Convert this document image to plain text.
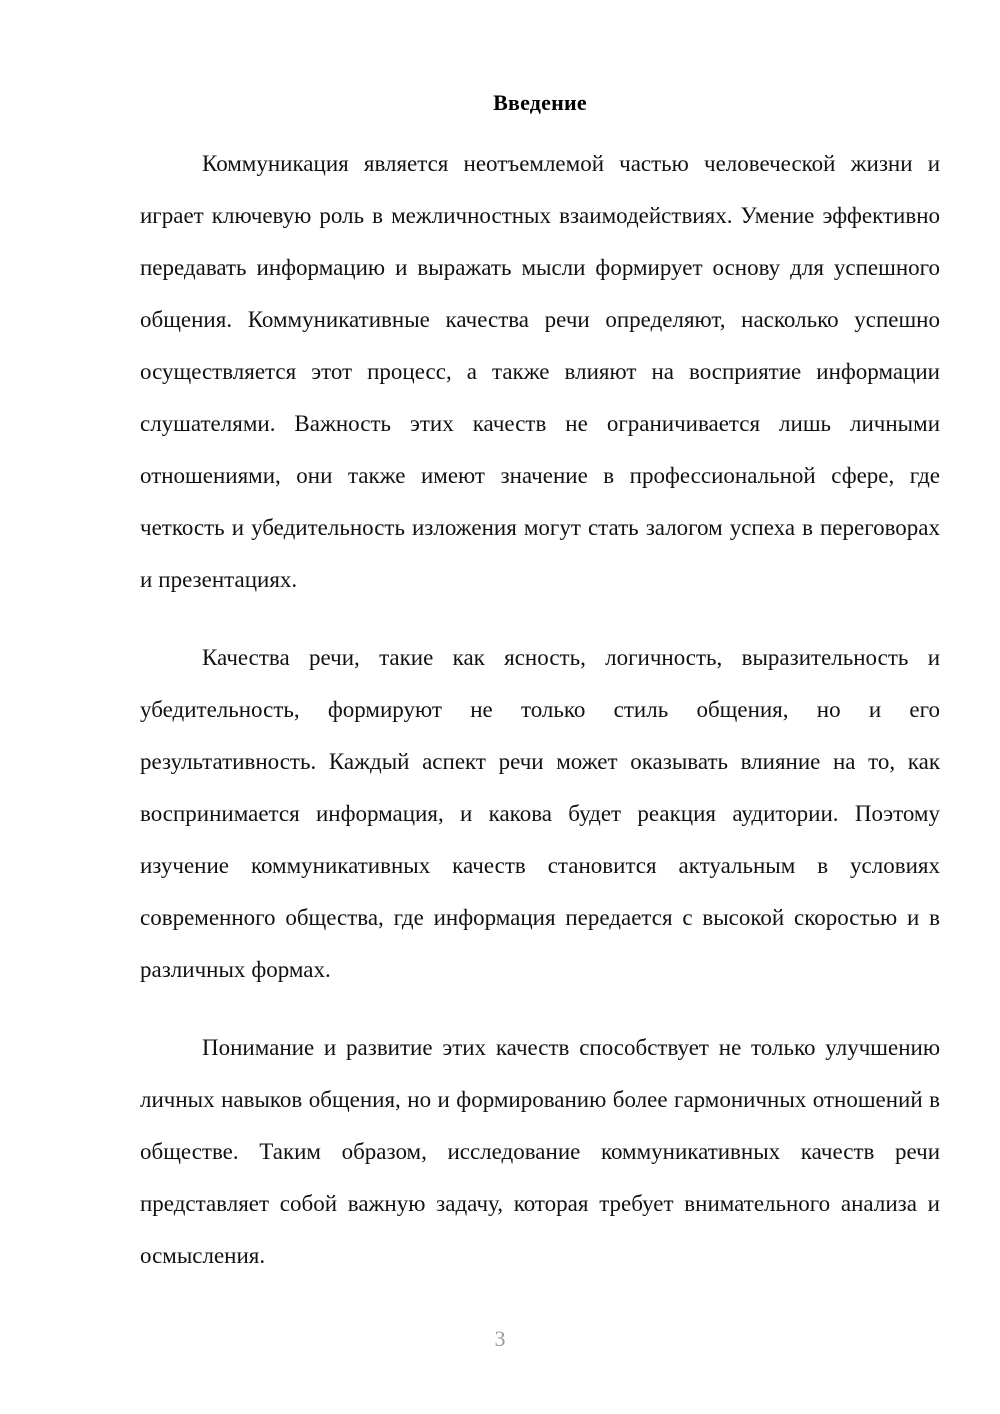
Введение

Коммуникация является неотъемлемой частью человеческой жизни и играет ключевую роль в межличностных взаимодействиях. Умение эффективно передавать информацию и выражать мысли формирует основу для успешного общения. Коммуникативные качества речи определяют, насколько успешно осуществляется этот процесс, а также влияют на восприятие информации слушателями. Важность этих качеств не ограничивается лишь личными отношениями, они также имеют значение в профессиональной сфере, где четкость и убедительность изложения могут стать залогом успеха в переговорах и презентациях.

Качества речи, такие как ясность, логичность, выразительность и убедительность, формируют не только стиль общения, но и его результативность. Каждый аспект речи может оказывать влияние на то, как воспринимается информация, и какова будет реакция аудитории. Поэтому изучение коммуникативных качеств становится актуальным в условиях современного общества, где информация передается с высокой скоростью и в различных формах.

Понимание и развитие этих качеств способствует не только улучшению личных навыков общения, но и формированию более гармоничных отношений в обществе. Таким образом, исследование коммуникативных качеств речи представляет собой важную задачу, которая требует внимательного анализа и осмысления.

3
